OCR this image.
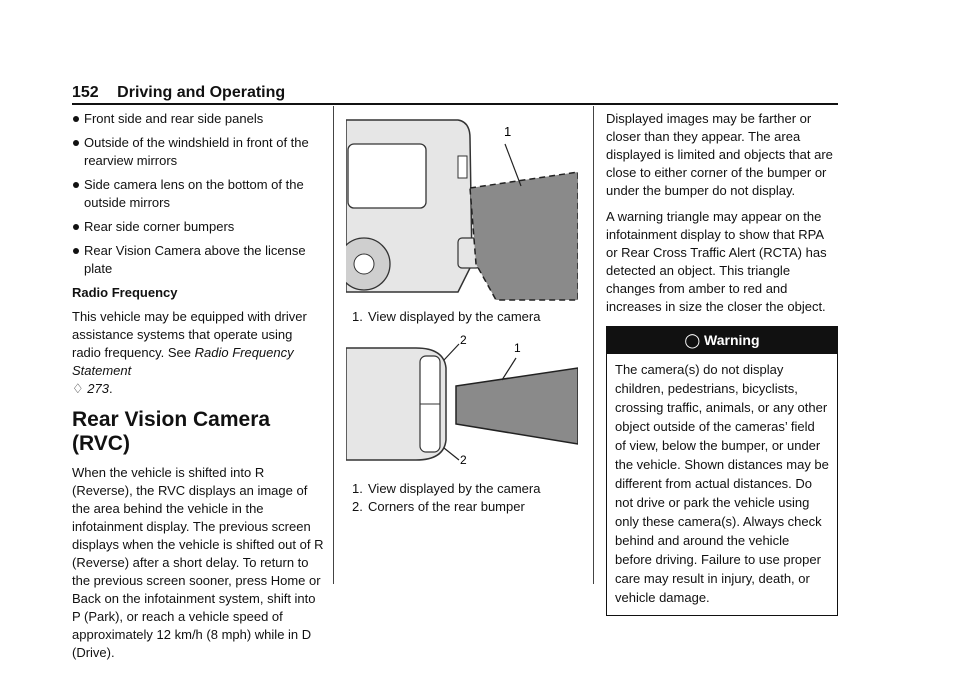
152 Driving and Operating
Front side and rear side panels
Outside of the windshield in front of the rearview mirrors
Side camera lens on the bottom of the outside mirrors
Rear side corner bumpers
Rear Vision Camera above the license plate
Radio Frequency

This vehicle may be equipped with driver assistance systems that operate using radio frequency. See Radio Frequency Statement
♢ 273.

Rear Vision Camera (RVC)

When the vehicle is shifted into R (Reverse), the RVC displays an image of the area behind the vehicle in the infotainment display. The previous screen displays when the vehicle is shifted out of R (Reverse) after a short delay. To return to the previous screen sooner, press Home or Back on the infotainment system, shift into P (Park), or reach a vehicle speed of approximately 12 km/h (8 mph) while in D (Drive).

1
1. View displayed by the camera
1
2
2
1. View displayed by the camera
2. Corners of the rear bumper

Displayed images may be farther or closer than they appear. The area displayed is limited and objects that are close to either corner of the bumper or under the bumper do not display.

A warning triangle may appear on the infotainment display to show that RPA or Rear Cross Traffic Alert (RCTA) has detected an object. This triangle changes from amber to red and increases in size the closer the object.

◯ Warning
The camera(s) do not display children, pedestrians, bicyclists, crossing traffic, animals, or any other object outside of the cameras’ field of view, below the bumper, or under the vehicle. Shown distances may be different from actual distances. Do not drive or park the vehicle using only these camera(s). Always check behind and around the vehicle before driving. Failure to use proper care may result in injury, death, or vehicle damage.
